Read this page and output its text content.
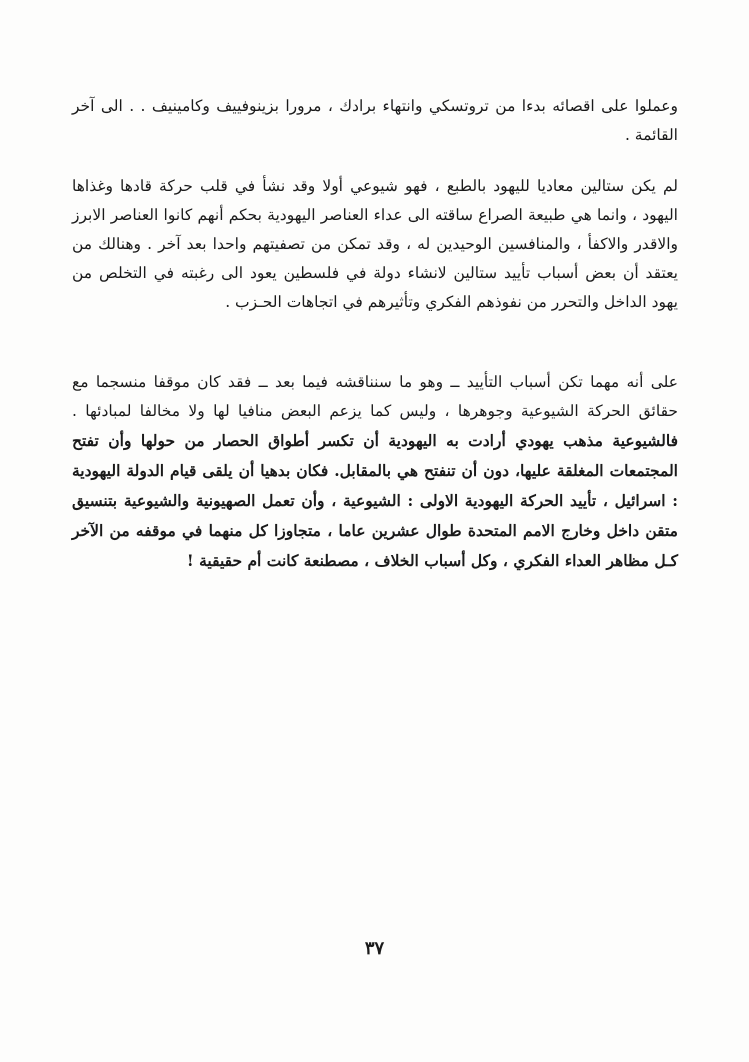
وعملوا على اقصائه بدءا من تروتسكي وانتهاء برادك ، مرورا بزينوفييف وكامينيف . . الى آخر القائمة .

لم يكن ستالين معاديا لليهود بالطبع ، فهو شيوعي أولا وقد نشأ في قلب حركة قادها وغذاها اليهود ، وانما هي طبيعة الصراع ساقته الى عداء العناصر اليهودية بحكم أنهم كانوا العناصر الابرز والاقدر والاكفأ ، والمنافسين الوحيدين له ، وقد تمكن من تصفيتهم واحدا بعد آخر . وهنالك من يعتقد أن بعض أسباب تأييد ستالين لانشاء دولة في فلسطين يعود الى رغبته في التخلص من يهود الداخل والتحرر من نفوذهم الفكري وتأثيرهم في اتجاهات الحـزب .

على أنه مهما تكن أسباب التأييد ــ وهو ما سنناقشه فيما بعد ــ فقد كان موقفا منسجما مع حقائق الحركة الشيوعية وجوهرها ، وليس كما يزعم البعض منافيا لها ولا مخالفا لمبادئها . فالشيوعية مذهب يهودي أرادت به اليهودية أن تكسر أطواق الحصار من حولها وأن تفتح المجتمعات المغلقة عليها، دون أن تنفتح هي بالمقابل. فكان بدهيا أن يلقى قيام الدولة اليهودية : اسرائيل ، تأييد الحركة اليهودية الاولى : الشيوعية ، وأن تعمل الصهيونية والشيوعية بتنسيق متقن داخل وخارج الامم المتحدة طوال عشرين عاما ، متجاوزا كل منهما في موقفه من الآخر كـل مظاهر العداء الفكري ، وكل أسباب الخلاف ، مصطنعة كانت أم حقيقية !

٣٧
